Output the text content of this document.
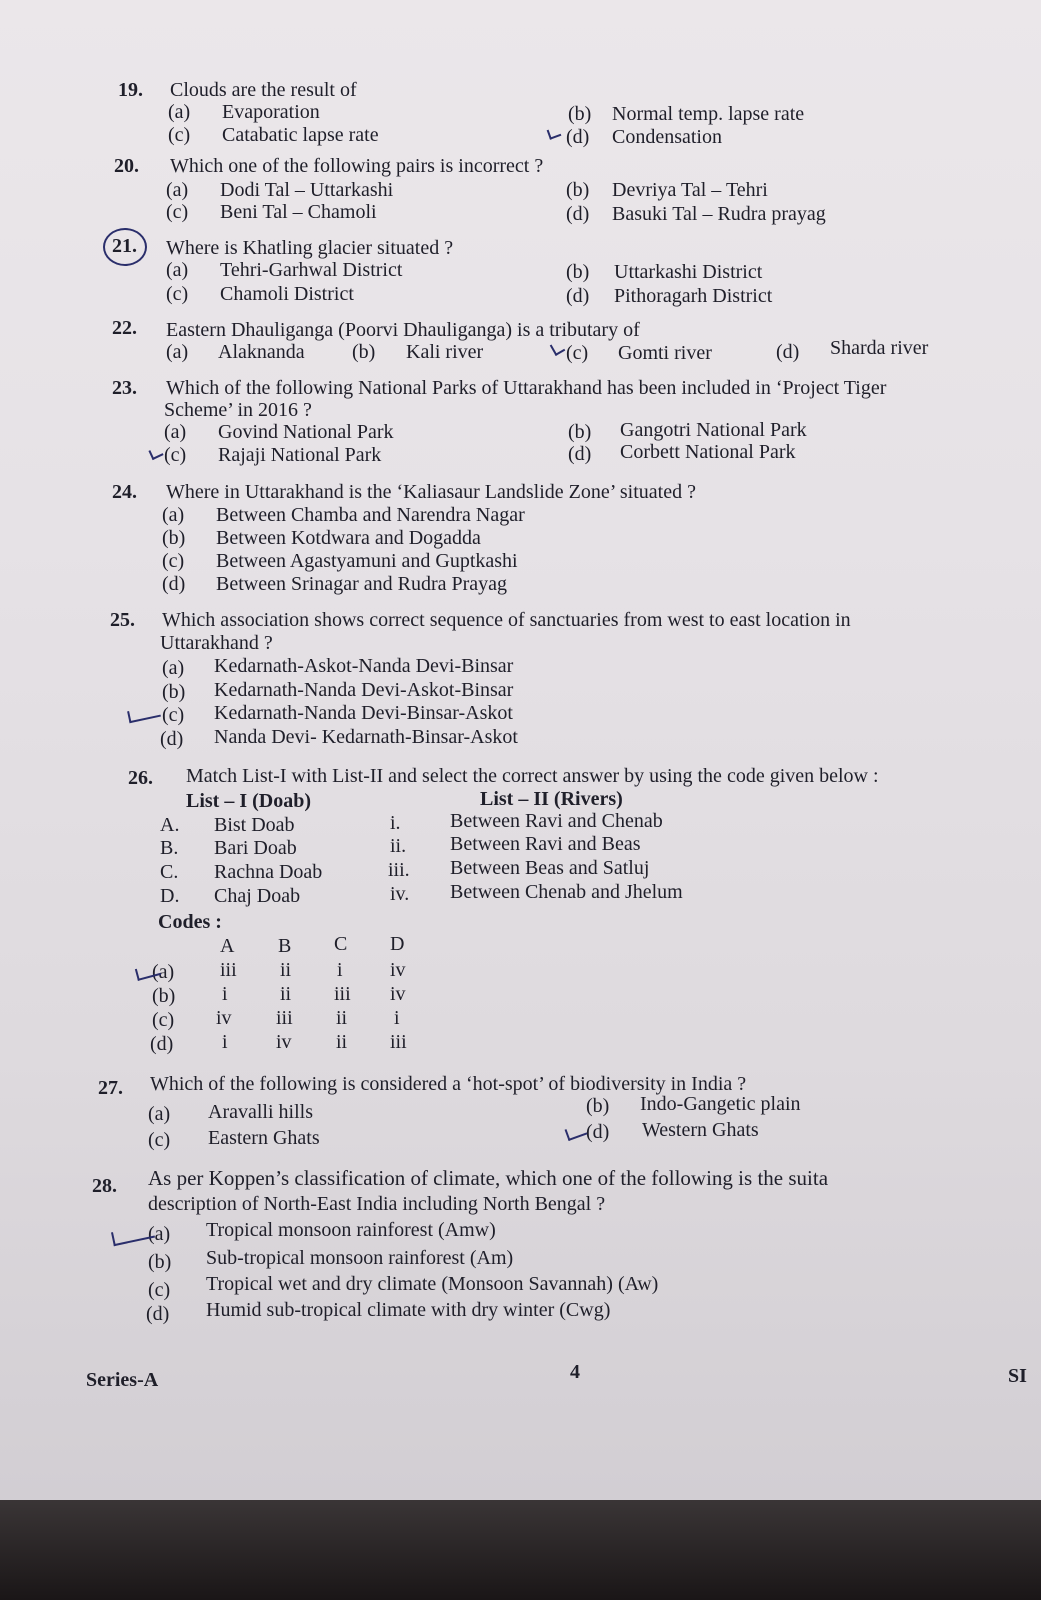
19. Clouds are the result of
(a) Evaporation	(b) Normal temp. lapse rate
(c) Catabatic lapse rate	(d) Condensation
20. Which one of the following pairs is incorrect ?
(a) Dodi Tal – Uttarkashi	(b) Devriya Tal – Tehri
(c) Beni Tal – Chamoli	(d) Basuki Tal – Rudra prayag
21. Where is Khatling glacier situated ?
(a) Tehri-Garhwal District	(b) Uttarkashi District
(c) Chamoli District	(d) Pithoragarh District
22. Eastern Dhauliganga (Poorvi Dhauliganga) is a tributary of
(a) Alaknanda (b) Kali river	(c) Gomti river	(d) Sharda river
23. Which of the following National Parks of Uttarakhand has been included in ‘Project Tiger
Scheme’ in 2016 ?
(a) Govind National Park	(b) Gangotri National Park
(c) Rajaji National Park	(d) Corbett National Park
24. Where in Uttarakhand is the ‘Kaliasaur Landslide Zone’ situated ?
(a) Between Chamba and Narendra Nagar
(b) Between Kotdwara and Dogadda
(c) Between Agastyamuni and Guptkashi
(d) Between Srinagar and Rudra Prayag
25. Which association shows correct sequence of sanctuaries from west to east location in
Uttarakhand ?
(a) Kedarnath-Askot-Nanda Devi-Binsar
(b) Kedarnath-Nanda Devi-Askot-Binsar
(c) Kedarnath-Nanda Devi-Binsar-Askot
(d) Nanda Devi- Kedarnath-Binsar-Askot
26. Match List-I with List-II and select the correct answer by using the code given below :
List – I (Doab)	List – II (Rivers)
A. Bist Doab	i. Between Ravi and Chenab
B. Bari Doab	ii. Between Ravi and Beas
C. Rachna Doab	iii. Between Beas and Satluj
D. Chaj Doab	iv. Between Chenab and Jhelum
Codes :
A B C D
(a) iii ii i iv
(b) i	ii iii iv
(c) iv iii ii i
(d) i iv ii iii
27. Which of the following is considered a ‘hot-spot’ of biodiversity in India ?
(a) Aravalli hills	(b) Indo-Gangetic plain
(c) Eastern Ghats	(d) Western Ghats
28. As per Koppen’s classification of climate, which one of the following is the suita
description of North-East India including North Bengal ?
(a) Tropical monsoon rainforest (Amw)
(b) Sub-tropical monsoon rainforest (Am)
(c) Tropical wet and dry climate (Monsoon Savannah) (Aw)
(d) Humid sub-tropical climate with dry winter (Cwg)
Series-A	4	SI
